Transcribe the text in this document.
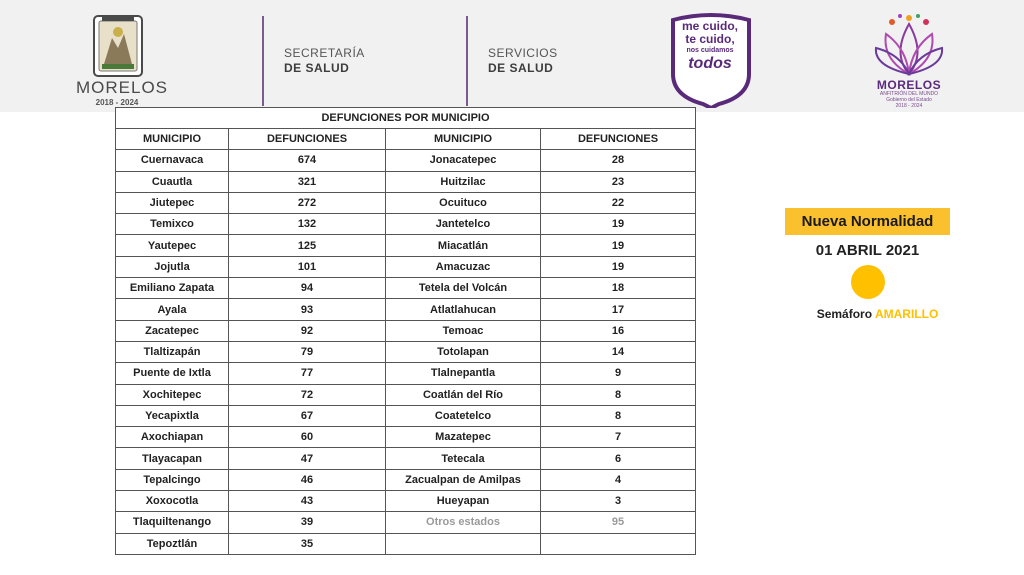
MORELOS
2018 - 2024
SECRETARÍA
DE SALUD
SERVICIOS
DE SALUD
me cuido,
te cuido,
nos cuidamos
todos
MORELOS
ANFITRIÓN DEL MUNDO
Gobierno del Estado
2018 - 2024
DEFUNCIONES POR MUNICIPIO			
MUNICIPIO	DEFUNCIONES	MUNICIPIO	DEFUNCIONES
Cuernavaca	674	Jonacatepec	28
Cuautla	321	Huitzilac	23
Jiutepec	272	Ocuituco	22
Temixco	132	Jantetelco	19
Yautepec	125	Miacatlán	19
Jojutla	101	Amacuzac	19
Emiliano Zapata	94	Tetela del Volcán	18
Ayala	93	Atlatlahucan	17
Zacatepec	92	Temoac	16
Tlaltizapán	79	Totolapan	14
Puente de Ixtla	77	Tlalnepantla	9
Xochitepec	72	Coatlán del Río	8
Yecapixtla	67	Coatetelco	8
Axochiapan	60	Mazatepec	7
Tlayacapan	47	Tetecala	6
Tepalcingo	46	Zacualpan de Amilpas	4
Xoxocotla	43	Hueyapan	3
Tlaquiltenango	39	Otros estados	95
Tepoztlán	35		
Nueva Normalidad
01 ABRIL 2021
Semáforo AMARILLO
